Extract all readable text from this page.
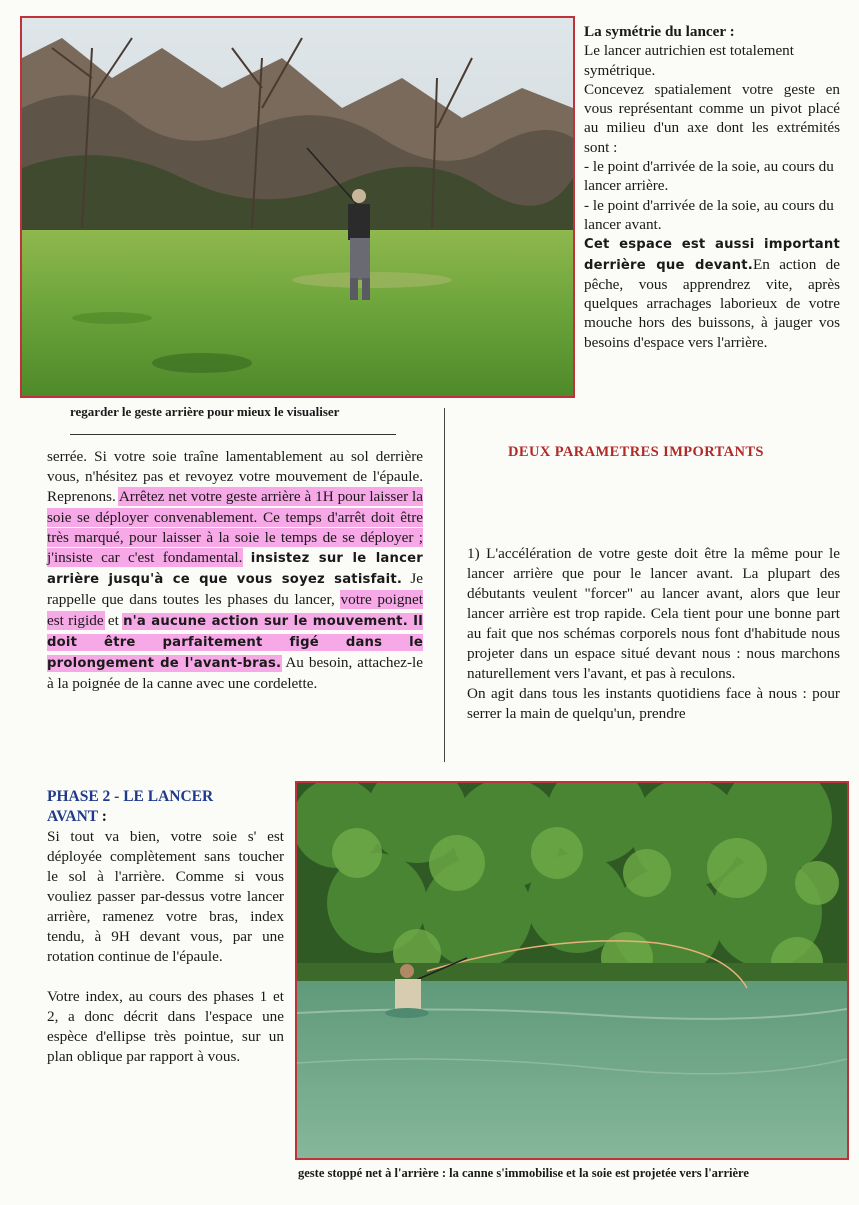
La symétrie du lancer :

Le lancer autrichien est totalement symétrique.

Concevez spatialement votre geste en vous représentant comme un pivot placé au milieu d'un axe dont les extrémités sont :

- le point d'arrivée de la soie, au cours du lancer arrière.

- le point d'arrivée de la soie, au cours du lancer avant.

Cet espace est aussi important derrière que devant.En action de pêche, vous apprendrez vite, après quelques arrachages laborieux de votre mouche hors des buissons, à jauger vos besoins d'espace vers l'arrière.

regarder le geste arrière pour mieux le visualiser

serrée. Si votre soie traîne lamentablement au sol derrière vous, n'hésitez pas et revoyez votre mouvement de l'épaule. Reprenons. Arrêtez net votre geste arrière à 1H pour laisser la soie se déployer convenablement. Ce temps d'arrêt doit être très marqué, pour laisser à la soie le temps de se déployer ; j'insiste car c'est fondamental. insistez sur le lancer arrière jusqu'à ce que vous soyez satisfait. Je rappelle que dans toutes les phases du lancer, votre poignet est rigide et n'a aucune action sur le mouvement. Il doit être parfaitement figé dans le prolongement de l'avant-bras. Au besoin, attachez-le à la poignée de la canne avec une cordelette.

DEUX PARAMETRES IMPORTANTS

1) L'accélération de votre geste doit être la même pour le lancer arrière que pour le lancer avant. La plupart des débutants veulent "forcer" au lancer avant, alors que leur lancer arrière est trop rapide. Cela tient pour une bonne part au fait que nos schémas corporels nous font d'habitude nous projeter dans un espace situé devant nous : nous marchons naturellement vers l'avant, et pas à reculons.

On agit dans tous les instants quotidiens face à nous : pour serrer la main de quelqu'un, prendre

PHASE 2 - LE LANCER
AVANT :

Si tout va bien, votre soie s' est déployée complètement sans toucher le sol à l'arrière. Comme si vous vouliez passer par-dessus votre lancer arrière, ramenez votre bras, index tendu, à 9H devant vous, par une rotation continue de l'épaule.

Votre index, au cours des phases 1 et 2, a donc décrit dans l'espace une espèce d'ellipse très pointue, sur un plan oblique par rapport à vous.

geste stoppé net à l'arrière : la canne s'immobilise et la soie est projetée vers l'arrière
